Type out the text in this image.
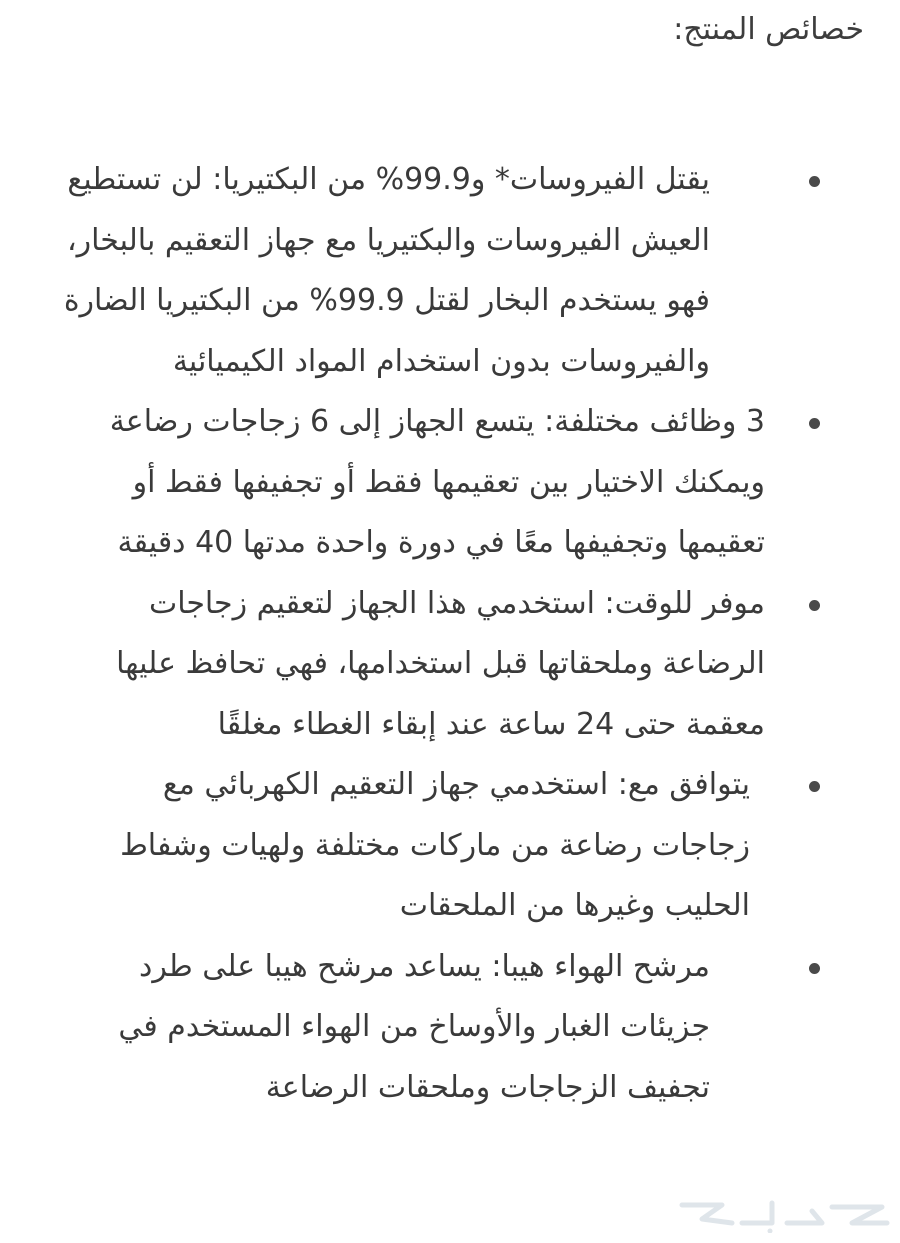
خصائص المنتج:
يقتل الفيروسات* و99.9% من البكتيريا: لن تستطيع العيش الفيروسات والبكتيريا مع جهاز التعقيم بالبخار، فهو يستخدم البخار لقتل 99.9% من البكتيريا الضارة والفيروسات بدون استخدام المواد الكيميائية
3 وظائف مختلفة: يتسع الجهاز إلى 6 زجاجات رضاعة ويمكنك الاختيار بين تعقيمها فقط أو تجفيفها فقط أو تعقيمها وتجفيفها معًا في دورة واحدة مدتها 40 دقيقة
موفر للوقت: استخدمي هذا الجهاز لتعقيم زجاجات الرضاعة وملحقاتها قبل استخدامها، فهي تحافظ عليها معقمة حتى 24 ساعة عند إبقاء الغطاء مغلقًا
يتوافق مع: استخدمي جهاز التعقيم الكهربائي مع زجاجات رضاعة من ماركات مختلفة ولهيات وشفاط الحليب وغيرها من الملحقات
مرشح الهواء هيبا: يساعد مرشح هيبا على طرد جزيئات الغبار والأوساخ من الهواء المستخدم في تجفيف الزجاجات وملحقات الرضاعة
